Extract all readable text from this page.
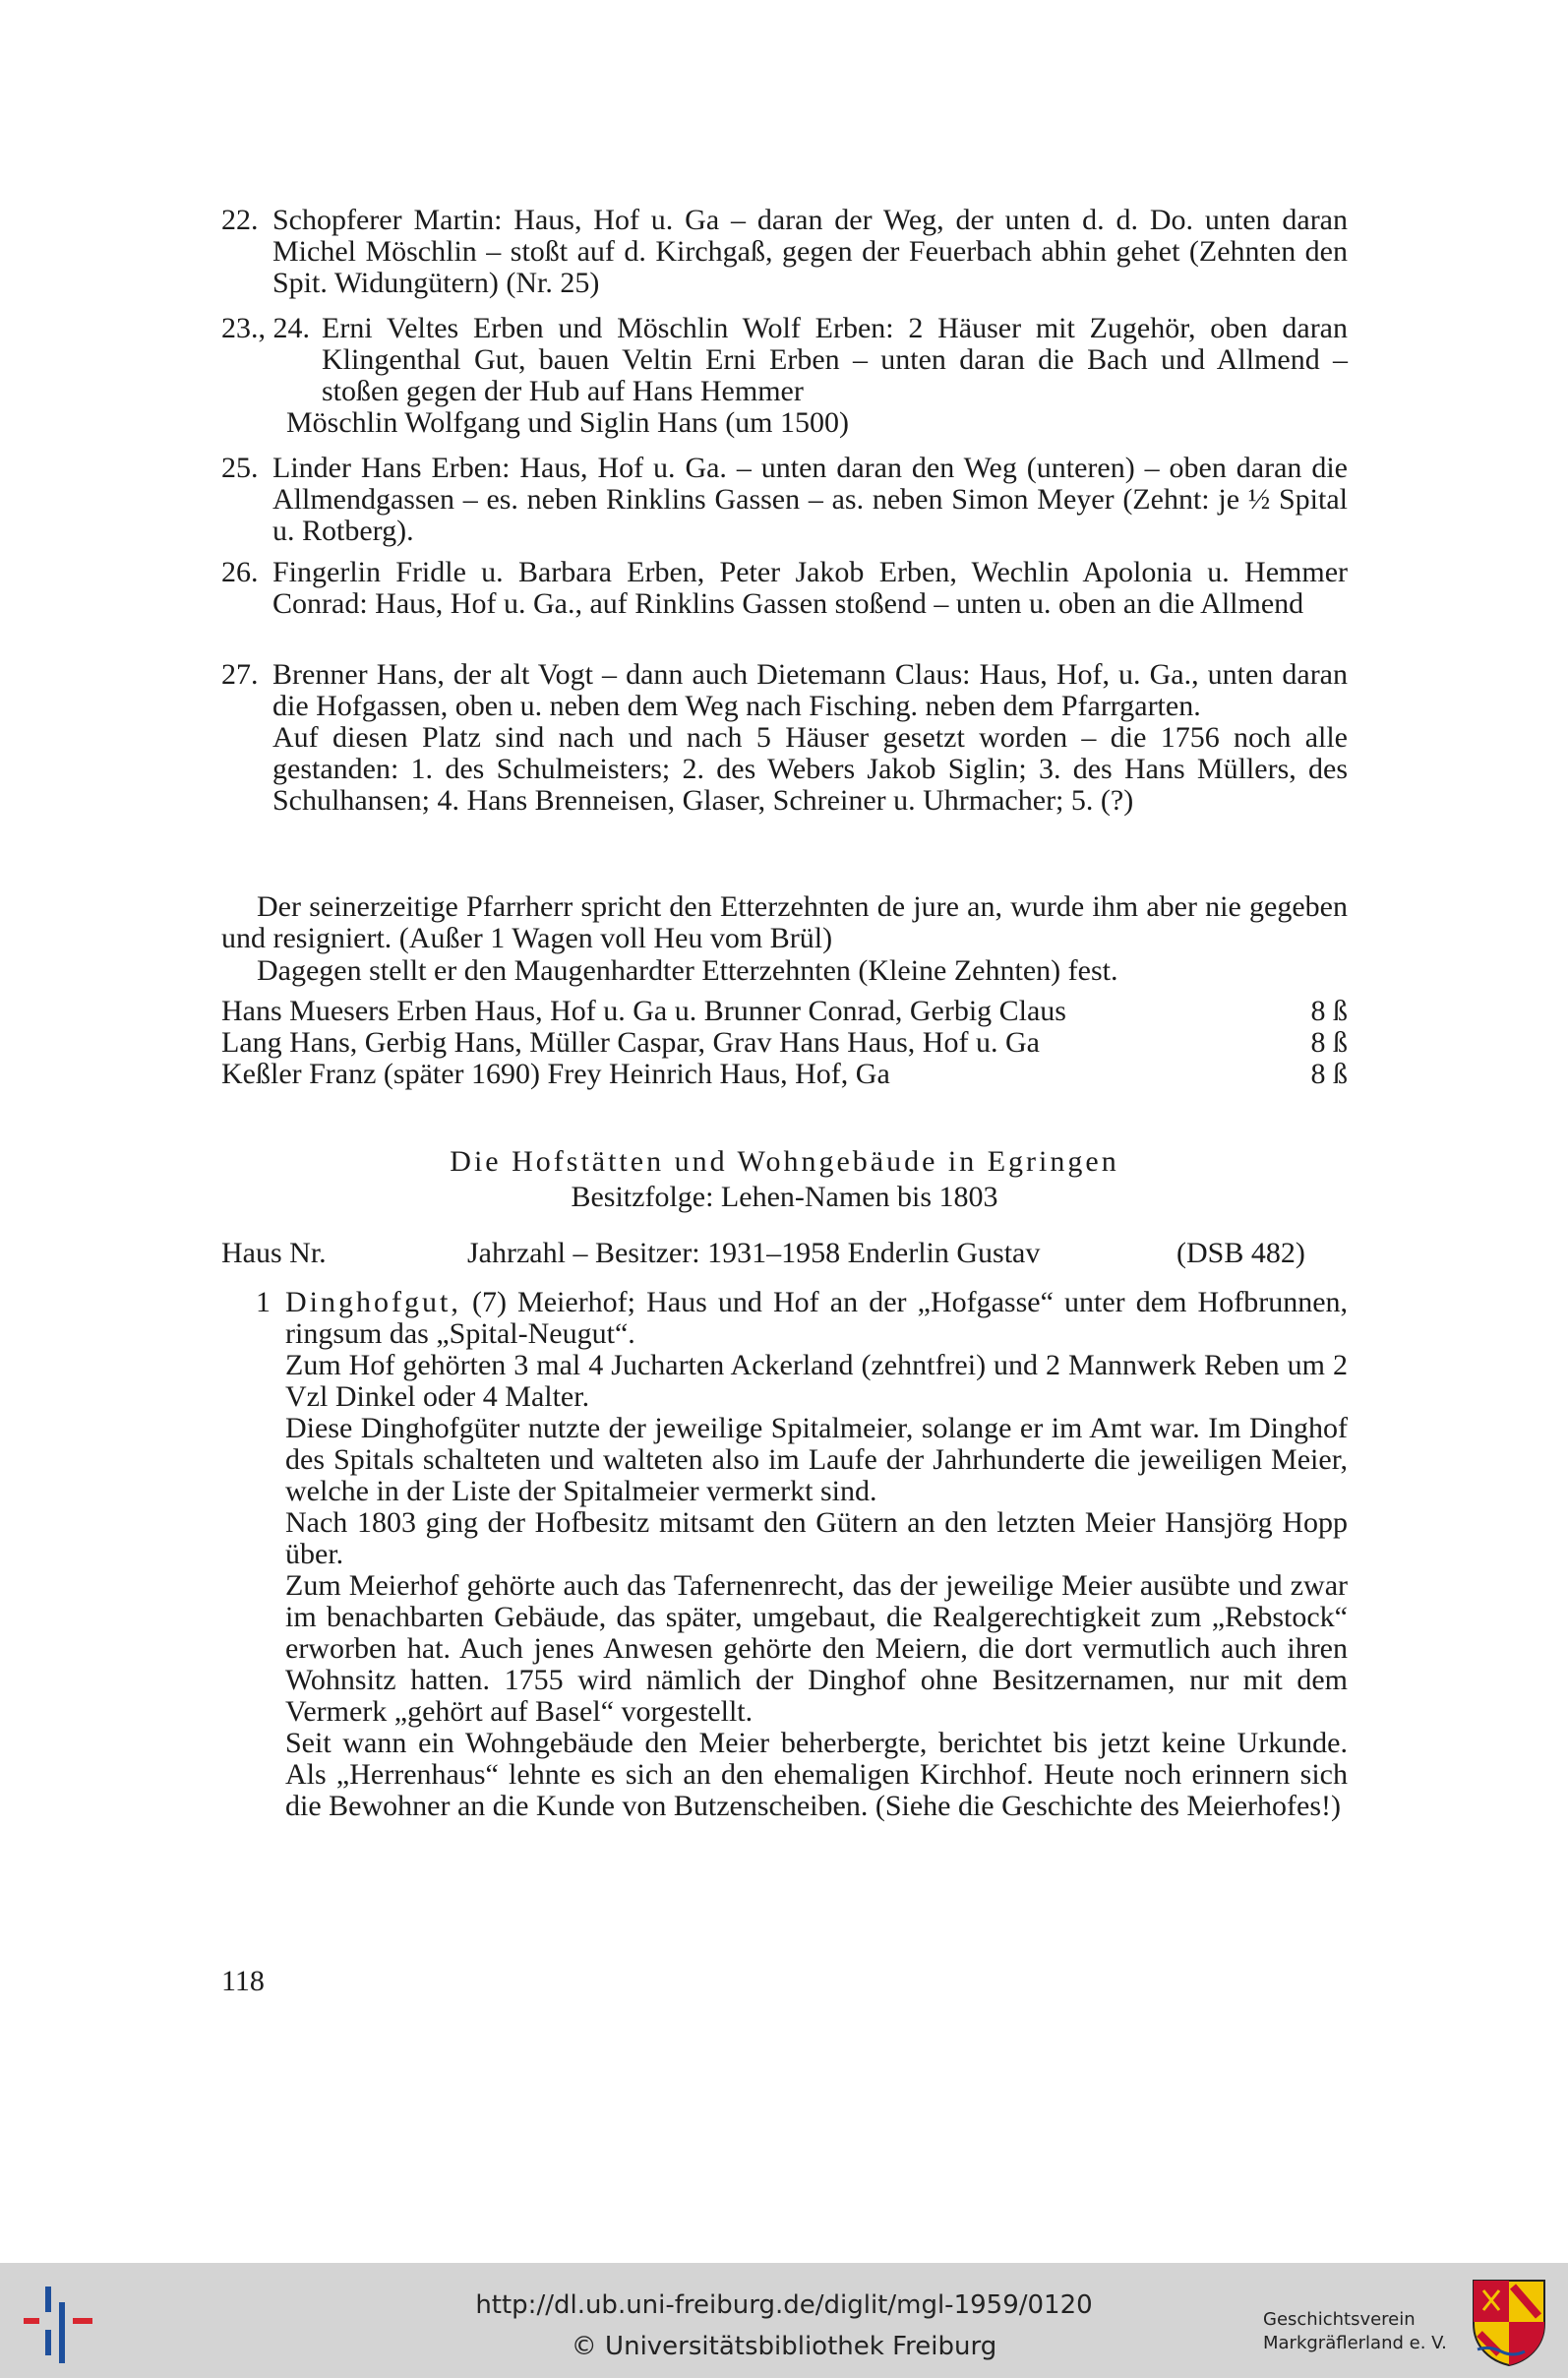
22. Schopferer Martin: Haus, Hof u. Ga – daran der Weg, der unten d. d. Do. unten daran Michel Möschlin – stoßt auf d. Kirchgaß, gegen der Feuerbach abhin gehet (Zehnten den Spit. Widungütern) (Nr. 25)

23., 24. Erni Veltes Erben und Möschlin Wolf Erben: 2 Häuser mit Zugehör, oben daran Klingenthal Gut, bauen Veltin Erni Erben – unten daran die Bach und Allmend – stoßen gegen der Hub auf Hans Hemmer

Möschlin Wolfgang und Siglin Hans (um 1500)

25. Linder Hans Erben: Haus, Hof u. Ga. – unten daran den Weg (unteren) – oben daran die Allmendgassen – es. neben Rinklins Gassen – as. neben Simon Meyer (Zehnt: je ½ Spital u. Rotberg).

26. Fingerlin Fridle u. Barbara Erben, Peter Jakob Erben, Wechlin Apolonia u. Hemmer Conrad: Haus, Hof u. Ga., auf Rinklins Gassen stoßend – unten u. oben an die Allmend

27. Brenner Hans, der alt Vogt – dann auch Dietemann Claus: Haus, Hof, u. Ga., unten daran die Hofgassen, oben u. neben dem Weg nach Fisching. neben dem Pfarrgarten.

Auf diesen Platz sind nach und nach 5 Häuser gesetzt worden – die 1756 noch alle gestanden: 1. des Schulmeisters; 2. des Webers Jakob Siglin; 3. des Hans Müllers, des Schulhansen; 4. Hans Brenneisen, Glaser, Schreiner u. Uhrmacher; 5. (?)

Der seinerzeitige Pfarrherr spricht den Etterzehnten de jure an, wurde ihm aber nie gegeben und resigniert. (Außer 1 Wagen voll Heu vom Brül)

Dagegen stellt er den Maugenhardter Etterzehnten (Kleine Zehnten) fest.

Hans Muesers Erben Haus, Hof u. Ga u. Brunner Conrad, Gerbig Claus	8 ß
Lang Hans, Gerbig Hans, Müller Caspar, Grav Hans Haus, Hof u. Ga	8 ß
Keßler Franz (später 1690) Frey Heinrich Haus, Hof, Ga	8 ß
Die Hofstätten und Wohngebäude in Egringen
Besitzfolge: Lehen-Namen bis 1803
Haus Nr.	Jahrzahl – Besitzer: 1931–1958 Enderlin Gustav	(DSB 482)
1 Dinghofgut, (7) Meierhof; Haus und Hof an der „Hofgasse“ unter dem Hofbrunnen, ringsum das „Spital-Neugut“.

Zum Hof gehörten 3 mal 4 Jucharten Ackerland (zehntfrei) und 2 Mannwerk Reben um 2 Vzl Dinkel oder 4 Malter.

Diese Dinghofgüter nutzte der jeweilige Spitalmeier, solange er im Amt war. Im Dinghof des Spitals schalteten und walteten also im Laufe der Jahrhunderte die jeweiligen Meier, welche in der Liste der Spitalmeier vermerkt sind.

Nach 1803 ging der Hofbesitz mitsamt den Gütern an den letzten Meier Hansjörg Hopp über.

Zum Meierhof gehörte auch das Tafernenrecht, das der jeweilige Meier ausübte und zwar im benachbarten Gebäude, das später, umgebaut, die Realgerechtigkeit zum „Rebstock“ erworben hat. Auch jenes Anwesen gehörte den Meiern, die dort vermutlich auch ihren Wohnsitz hatten. 1755 wird nämlich der Dinghof ohne Besitzernamen, nur mit dem Vermerk „gehört auf Basel“ vorgestellt.

Seit wann ein Wohngebäude den Meier beherbergte, berichtet bis jetzt keine Urkunde. Als „Herrenhaus“ lehnte es sich an den ehemaligen Kirchhof. Heute noch erinnern sich die Bewohner an die Kunde von Butzenscheiben. (Siehe die Geschichte des Meierhofes!)

118
http://dl.ub.uni-freiburg.de/diglit/mgl-1959/0120
© Universitätsbibliothek Freiburg
Geschichtsverein
Markgräflerland e. V.
